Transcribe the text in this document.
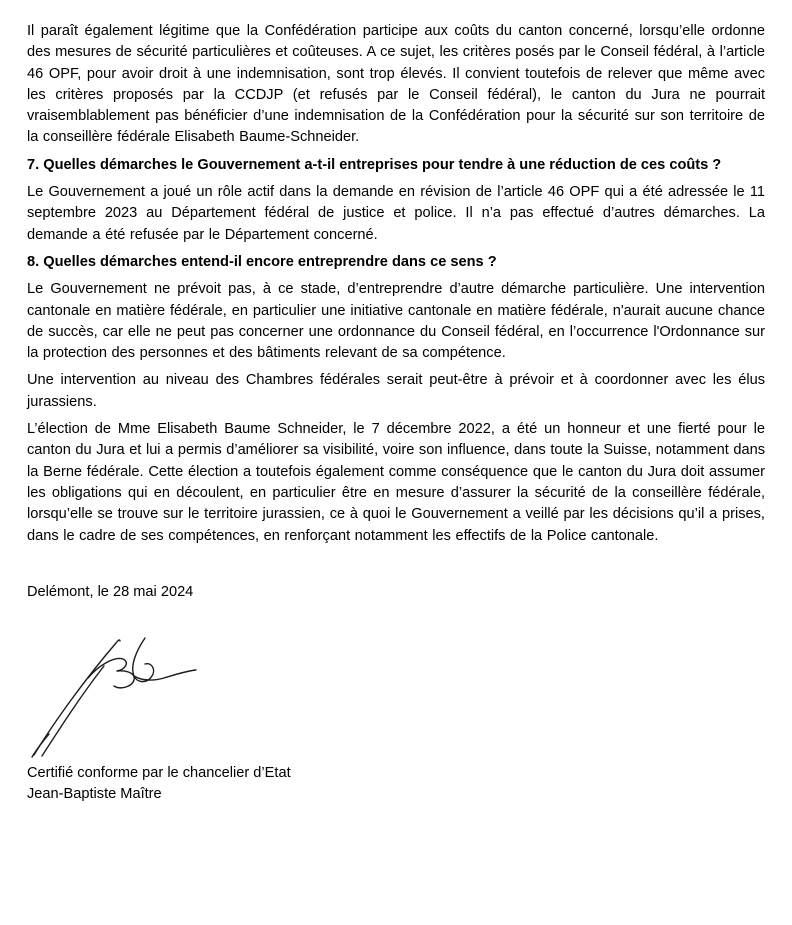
Il paraît également légitime que la Confédération participe aux coûts du canton concerné, lorsqu’elle ordonne des mesures de sécurité particulières et coûteuses. A ce sujet, les critères posés par le Conseil fédéral, à l’article 46 OPF, pour avoir droit à une indemnisation, sont trop élevés. Il convient toutefois de relever que même avec les critères proposés par la CCDJP (et refusés par le Conseil fédéral), le canton du Jura ne pourrait vraisemblablement pas bénéficier d’une indemnisation de la Confédération pour la sécurité sur son territoire de la conseillère fédérale Elisabeth Baume-Schneider.

7. Quelles démarches le Gouvernement a-t-il entreprises pour tendre à une réduction de ces coûts ?

Le Gouvernement a joué un rôle actif dans la demande en révision de l’article 46 OPF qui a été adressée le 11 septembre 2023 au Département fédéral de justice et police. Il n’a pas effectué d’autres démarches. La demande a été refusée par le Département concerné.

8. Quelles démarches entend-il encore entreprendre dans ce sens ?

Le Gouvernement ne prévoit pas, à ce stade, d’entreprendre d’autre démarche particulière. Une intervention cantonale en matière fédérale, en particulier une initiative cantonale en matière fédérale, n'aurait aucune chance de succès, car elle ne peut pas concerner une ordonnance du Conseil fédéral, en l’occurrence l'Ordonnance sur la protection des personnes et des bâtiments relevant de sa compétence.

Une intervention au niveau des Chambres fédérales serait peut-être à prévoir et à coordonner avec les élus jurassiens.

L’élection de Mme Elisabeth Baume Schneider, le 7 décembre 2022, a été un honneur et une fierté pour le canton du Jura et lui a permis d’améliorer sa visibilité, voire son influence, dans toute la Suisse, notamment dans la Berne fédérale. Cette élection a toutefois également comme conséquence que le canton du Jura doit assumer les obligations qui en découlent, en particulier être en mesure d’assurer la sécurité de la conseillère fédérale, lorsqu’elle se trouve sur le territoire jurassien, ce à quoi le Gouvernement a veillé par les décisions qu’il a prises, dans le cadre de ses compétences, en renforçant notamment les effectifs de la Police cantonale.

Delémont, le 28 mai 2024

Certifié conforme par le chancelier d’Etat

Jean-Baptiste Maître
